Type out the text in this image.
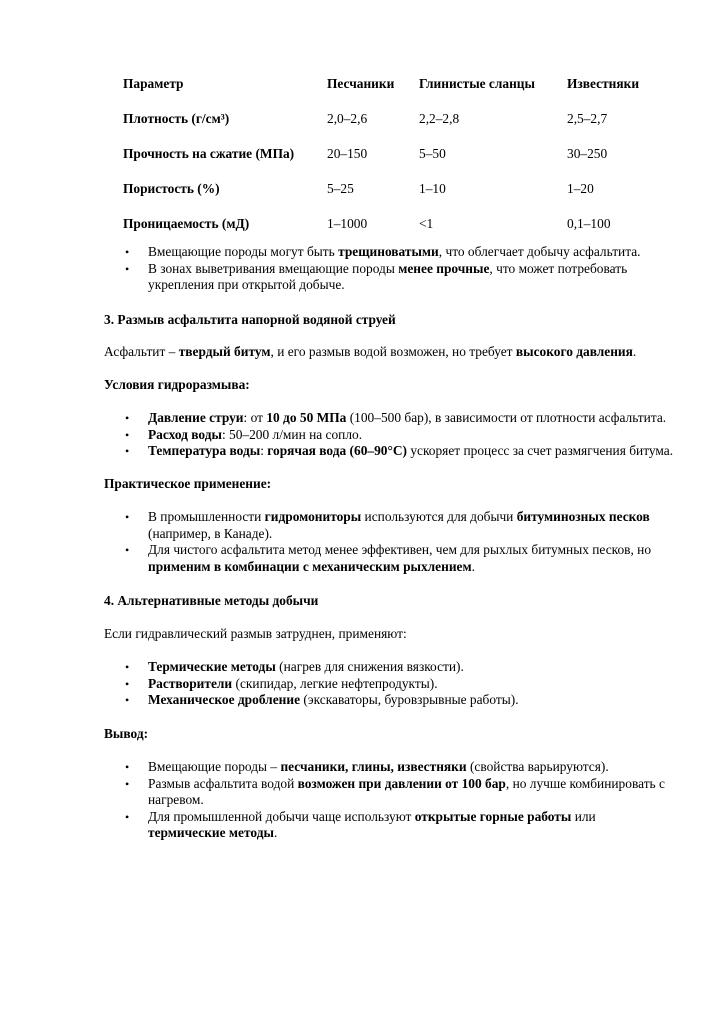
Параметр	Песчаники	Глинистые сланцы	Известняки
Плотность (г/см³)	2,0–2,6	2,2–2,8	2,5–2,7
Прочность на сжатие (МПа)	20–150	5–50	30–250
Пористость (%)	5–25	1–10	1–20
Проницаемость (мД)	1–1000	<1	0,1–100
• Вмещающие породы могут быть трещиноватыми, что облегчает добычу асфальтита.
• В зонах выветривания вмещающие породы менее прочные, что может потребовать укрепления при открытой добыче.

3. Размыв асфальтита напорной водяной струей

Асфальтит – твердый битум, и его размыв водой возможен, но требует высокого давления.

Условия гидроразмыва:

• Давление струи: от 10 до 50 МПа (100–500 бар), в зависимости от плотности асфальтита.
• Расход воды: 50–200 л/мин на сопло.
• Температура воды: горячая вода (60–90°C) ускоряет процесс за счет размягчения битума.

Практическое применение:

• В промышленности гидромониторы используются для добычи битуминозных песков (например, в Канаде).
• Для чистого асфальтита метод менее эффективен, чем для рыхлых битумных песков, но применим в комбинации с механическим рыхлением.

4. Альтернативные методы добычи

Если гидравлический размыв затруднен, применяют:

• Термические методы (нагрев для снижения вязкости).
• Растворители (скипидар, легкие нефтепродукты).
• Механическое дробление (экскаваторы, буровзрывные работы).

Вывод:

• Вмещающие породы – песчаники, глины, известняки (свойства варьируются).
• Размыв асфальтита водой возможен при давлении от 100 бар, но лучше комбинировать с нагревом.
• Для промышленной добычи чаще используют открытые горные работы или термические методы.
